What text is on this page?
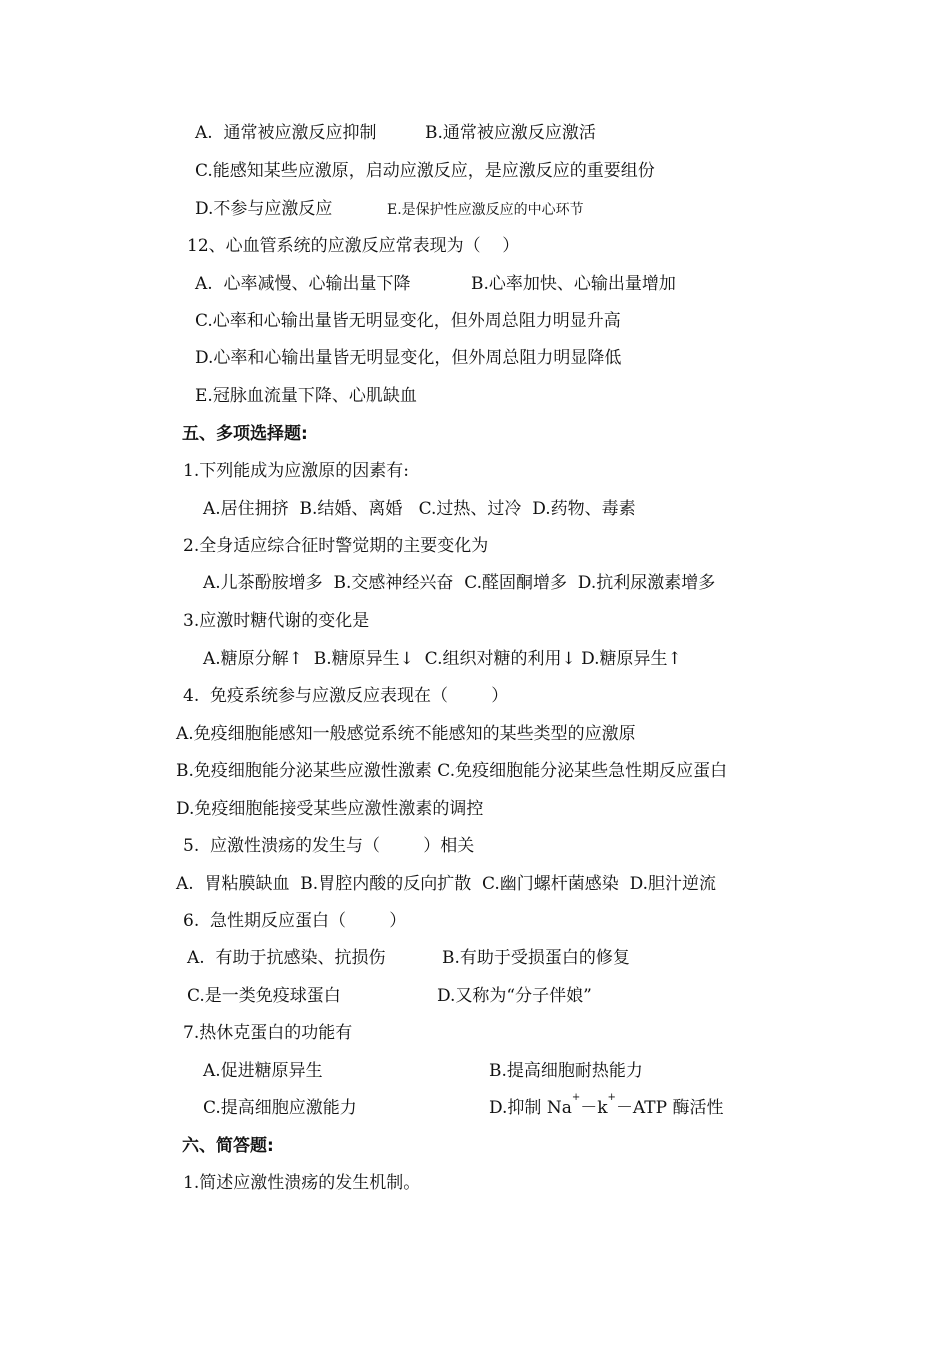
A.  通常被应激反应抑制	B.通常被应激反应激活
C.能感知某些应激原，启动应激反应，是应激反应的重要组份
D.不参与应激反应	E.是保护性应激反应的中心环节
12、心血管系统的应激反应常表现为（    ）
A.  心率减慢、心输出量下降	B.心率加快、心输出量增加
C.心率和心输出量皆无明显变化，但外周总阻力明显升高
D.心率和心输出量皆无明显变化，但外周总阻力明显降低
E.冠脉血流量下降、心肌缺血
五、多项选择题:
1.下列能成为应激原的因素有:
A.居住拥挤  B.结婚、离婚   C.过热、过冷  D.药物、毒素
2.全身适应综合征时警觉期的主要变化为
A.儿茶酚胺增多  B.交感神经兴奋  C.醛固酮增多  D.抗利尿激素增多
3.应激时糖代谢的变化是
A.糖原分解↑  B.糖原异生↓  C.组织对糖的利用↓ D.糖原异生↑
4.  免疫系统参与应激反应表现在（        ）
A.免疫细胞能感知一般感觉系统不能感知的某些类型的应激原
B.免疫细胞能分泌某些应激性激素 C.免疫细胞能分泌某些急性期反应蛋白
D.免疫细胞能接受某些应激性激素的调控
5.  应激性溃疡的发生与（        ）相关
A.  胃粘膜缺血  B.胃腔内酸的反向扩散  C.幽门螺杆菌感染  D.胆汁逆流
6.  急性期反应蛋白（        ）
A.  有助于抗感染、抗损伤	B.有助于受损蛋白的修复
C.是一类免疫球蛋白	D.又称为“分子伴娘”
7.热休克蛋白的功能有
A.促进糖原异生	B.提高细胞耐热能力
C.提高细胞应激能力	D.抑制 Na+－k+－ATP 酶活性
六、简答题:
1.简述应激性溃疡的发生机制。
